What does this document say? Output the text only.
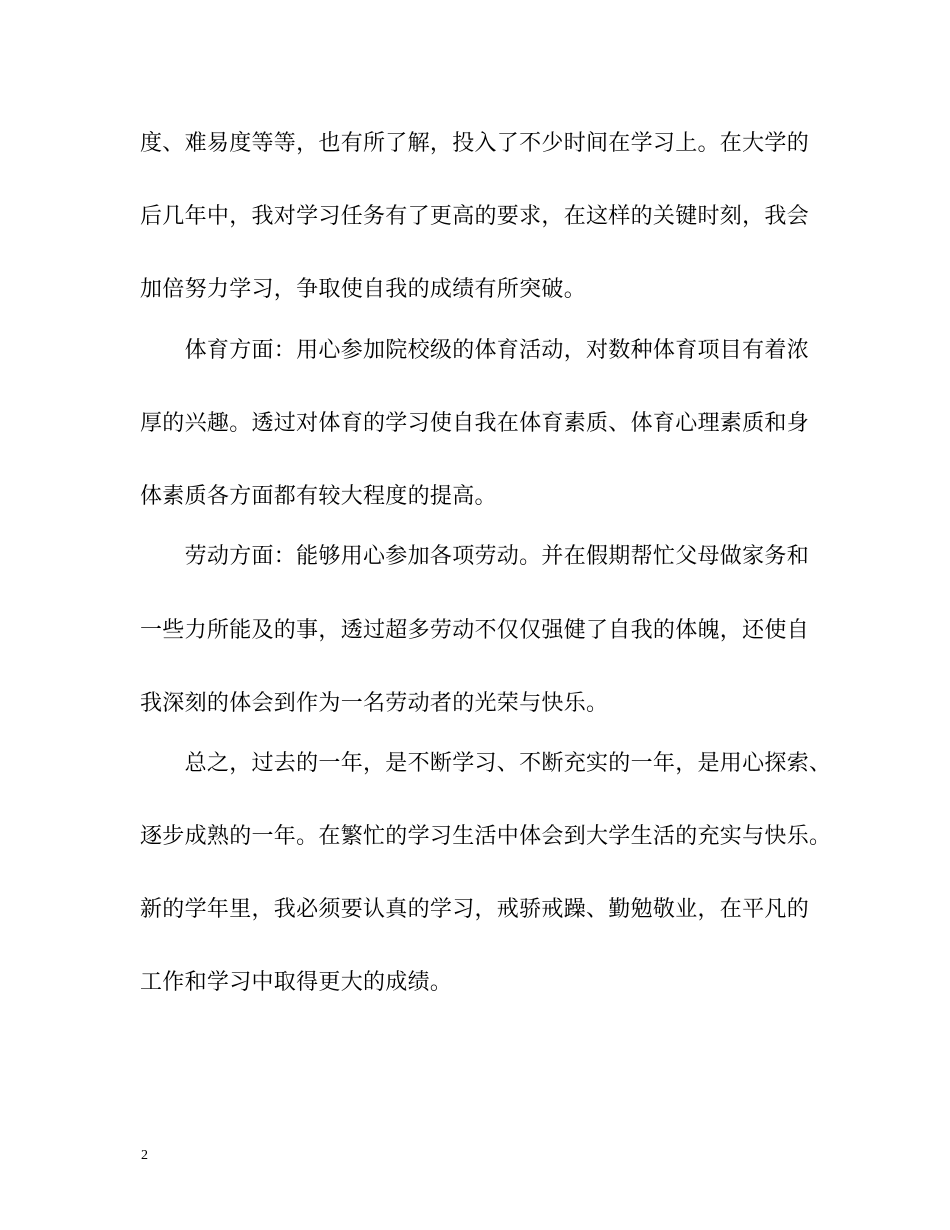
度、难易度等等，也有所了解，投入了不少时间在学习上。在大学的
后几年中，我对学习任务有了更高的要求，在这样的关键时刻，我会
加倍努力学习，争取使自我的成绩有所突破。
　　体育方面：用心参加院校级的体育活动，对数种体育项目有着浓
厚的兴趣。透过对体育的学习使自我在体育素质、体育心理素质和身
体素质各方面都有较大程度的提高。
　　劳动方面：能够用心参加各项劳动。并在假期帮忙父母做家务和
一些力所能及的事，透过超多劳动不仅仅强健了自我的体魄，还使自
我深刻的体会到作为一名劳动者的光荣与快乐。
　　总之，过去的一年，是不断学习、不断充实的一年，是用心探索、
逐步成熟的一年。在繁忙的学习生活中体会到大学生活的充实与快乐。
新的学年里，我必须要认真的学习，戒骄戒躁、勤勉敬业，在平凡的
工作和学习中取得更大的成绩。
2
